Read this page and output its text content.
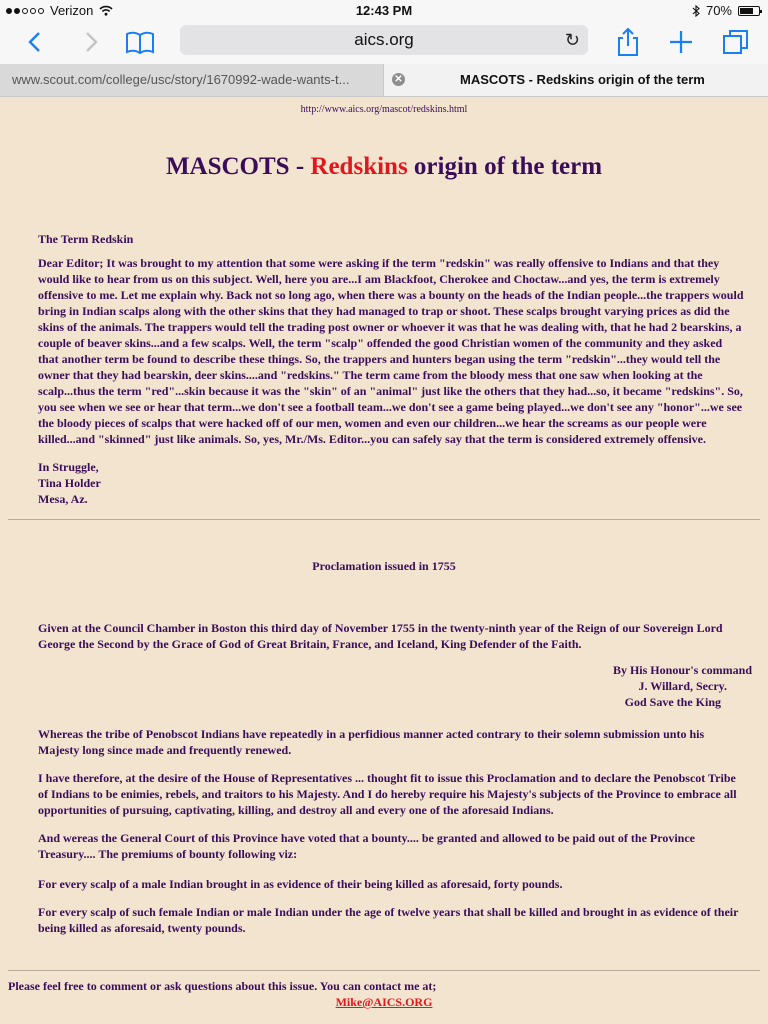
Verizon	12:43 PM	70%
aics.org	↻
www.scout.com/college/usc/story/1670992-wade-wants-t...	✕	MASCOTS - Redskins origin of the term
http://www.aics.org/mascot/redskins.html
MASCOTS - Redskins origin of the term
The Term Redskin
Dear Editor; It was brought to my attention that some were asking if the term "redskin" was really offensive to Indians and that they would like to hear from us on this subject. Well, here you are...I am Blackfoot, Cherokee and Choctaw...and yes, the term is extremely offensive to me. Let me explain why. Back not so long ago, when there was a bounty on the heads of the Indian people...the trappers would bring in Indian scalps along with the other skins that they had managed to trap or shoot. These scalps brought varying prices as did the skins of the animals. The trappers would tell the trading post owner or whoever it was that he was dealing with, that he had 2 bearskins, a couple of beaver skins...and a few scalps. Well, the term "scalp" offended the good Christian women of the community and they asked that another term be found to describe these things. So, the trappers and hunters began using the term "redskin"...they would tell the owner that they had bearskin, deer skins....and "redskins." The term came from the bloody mess that one saw when looking at the scalp...thus the term "red"...skin because it was the "skin" of an "animal" just like the others that they had...so, it became "redskins". So, you see when we see or hear that term...we don't see a football team...we don't see a game being played...we don't see any "honor"...we see the bloody pieces of scalps that were hacked off of our men, women and even our children...we hear the screams as our people were killed...and "skinned" just like animals. So, yes, Mr./Ms. Editor...you can safely say that the term is considered extremely offensive.
In Struggle,
Tina Holder
Mesa, Az.
Proclamation issued in 1755
Given at the Council Chamber in Boston this third day of November 1755 in the twenty-ninth year of the Reign of our Sovereign Lord George the Second by the Grace of God of Great Britain, France, and Iceland, King Defender of the Faith.
By His Honour's command
J. Willard, Secry.
God Save the King
Whereas the tribe of Penobscot Indians have repeatedly in a perfidious manner acted contrary to their solemn submission unto his Majesty long since made and frequently renewed.
I have therefore, at the desire of the House of Representatives ... thought fit to issue this Proclamation and to declare the Penobscot Tribe of Indians to be enimies, rebels, and traitors to his Majesty. And I do hereby require his Majesty's subjects of the Province to embrace all opportunities of pursuing, captivating, killing, and destroy all and every one of the aforesaid Indians.
And wereas the General Court of this Province have voted that a bounty.... be granted and allowed to be paid out of the Province Treasury.... The premiums of bounty following viz:
For every scalp of a male Indian brought in as evidence of their being killed as aforesaid, forty pounds.
For every scalp of such female Indian or male Indian under the age of twelve years that shall be killed and brought in as evidence of their being killed as aforesaid, twenty pounds.
Please feel free to comment or ask questions about this issue. You can contact me at;
Mike@AICS.ORG
